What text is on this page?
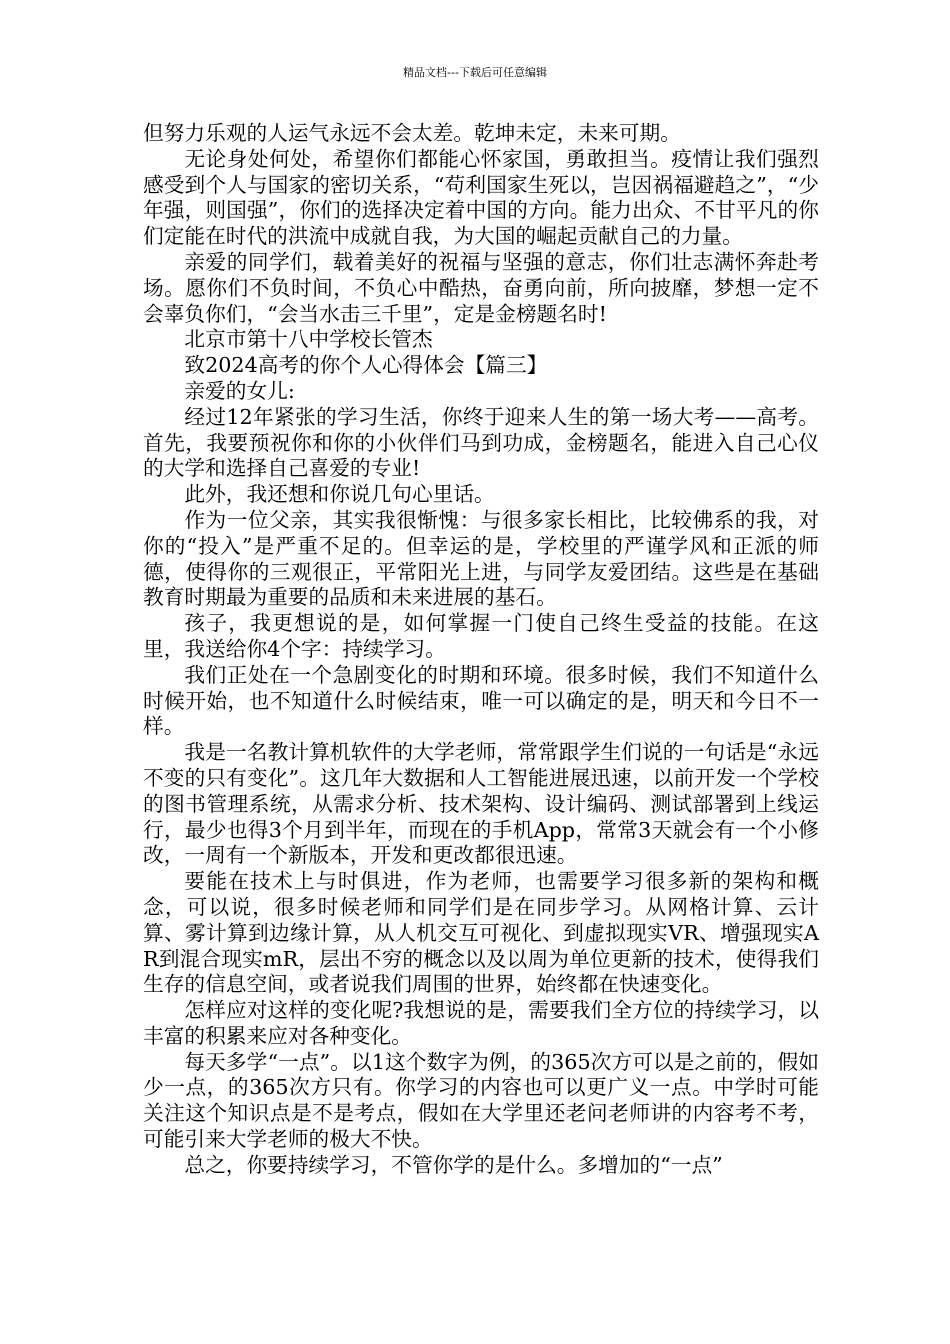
精品文档---下载后可任意编辑

但努力乐观的人运气永远不会太差。乾坤未定，未来可期。

无论身处何处，希望你们都能心怀家国，勇敢担当。疫情让我们强烈感受到个人与国家的密切关系，“苟利国家生死以，岂因祸福避趋之”，“少年强，则国强”，你们的选择决定着中国的方向。能力出众、不甘平凡的你们定能在时代的洪流中成就自我，为大国的崛起贡献自己的力量。

亲爱的同学们，载着美好的祝福与坚强的意志，你们壮志满怀奔赴考场。愿你们不负时间，不负心中酷热，奋勇向前，所向披靡，梦想一定不会辜负你们，“会当水击三千里”，定是金榜题名时!

北京市第十八中学校长管杰

致2024高考的你个人心得体会【篇三】

亲爱的女儿:

经过12年紧张的学习生活，你终于迎来人生的第一场大考——高考。首先，我要预祝你和你的小伙伴们马到功成，金榜题名，能进入自己心仪的大学和选择自己喜爱的专业!

此外，我还想和你说几句心里话。

作为一位父亲，其实我很惭愧：与很多家长相比，比较佛系的我，对你的“投入”是严重不足的。但幸运的是，学校里的严谨学风和正派的师德，使得你的三观很正，平常阳光上进，与同学友爱团结。这些是在基础教育时期最为重要的品质和未来进展的基石。

孩子，我更想说的是，如何掌握一门使自己终生受益的技能。在这里，我送给你4个字：持续学习。

我们正处在一个急剧变化的时期和环境。很多时候，我们不知道什么时候开始，也不知道什么时候结束，唯一可以确定的是，明天和今日不一样。

我是一名教计算机软件的大学老师，常常跟学生们说的一句话是“永远不变的只有变化”。这几年大数据和人工智能进展迅速，以前开发一个学校的图书管理系统，从需求分析、技术架构、设计编码、测试部署到上线运行，最少也得3个月到半年，而现在的手机App，常常3天就会有一个小修改，一周有一个新版本，开发和更改都很迅速。

要能在技术上与时俱进，作为老师，也需要学习很多新的架构和概念，可以说，很多时候老师和同学们是在同步学习。从网格计算、云计算、雾计算到边缘计算，从人机交互可视化、到虚拟现实VR、增强现实AR到混合现实mR，层出不穷的概念以及以周为单位更新的技术，使得我们生存的信息空间，或者说我们周围的世界，始终都在快速变化。

怎样应对这样的变化呢?我想说的是，需要我们全方位的持续学习，以丰富的积累来应对各种变化。

每天多学“一点”。以1这个数字为例，的365次方可以是之前的，假如少一点，的365次方只有。你学习的内容也可以更广义一点。中学时可能关注这个知识点是不是考点，假如在大学里还老问老师讲的内容考不考，可能引来大学老师的极大不快。

总之，你要持续学习，不管你学的是什么。多增加的“一点”
